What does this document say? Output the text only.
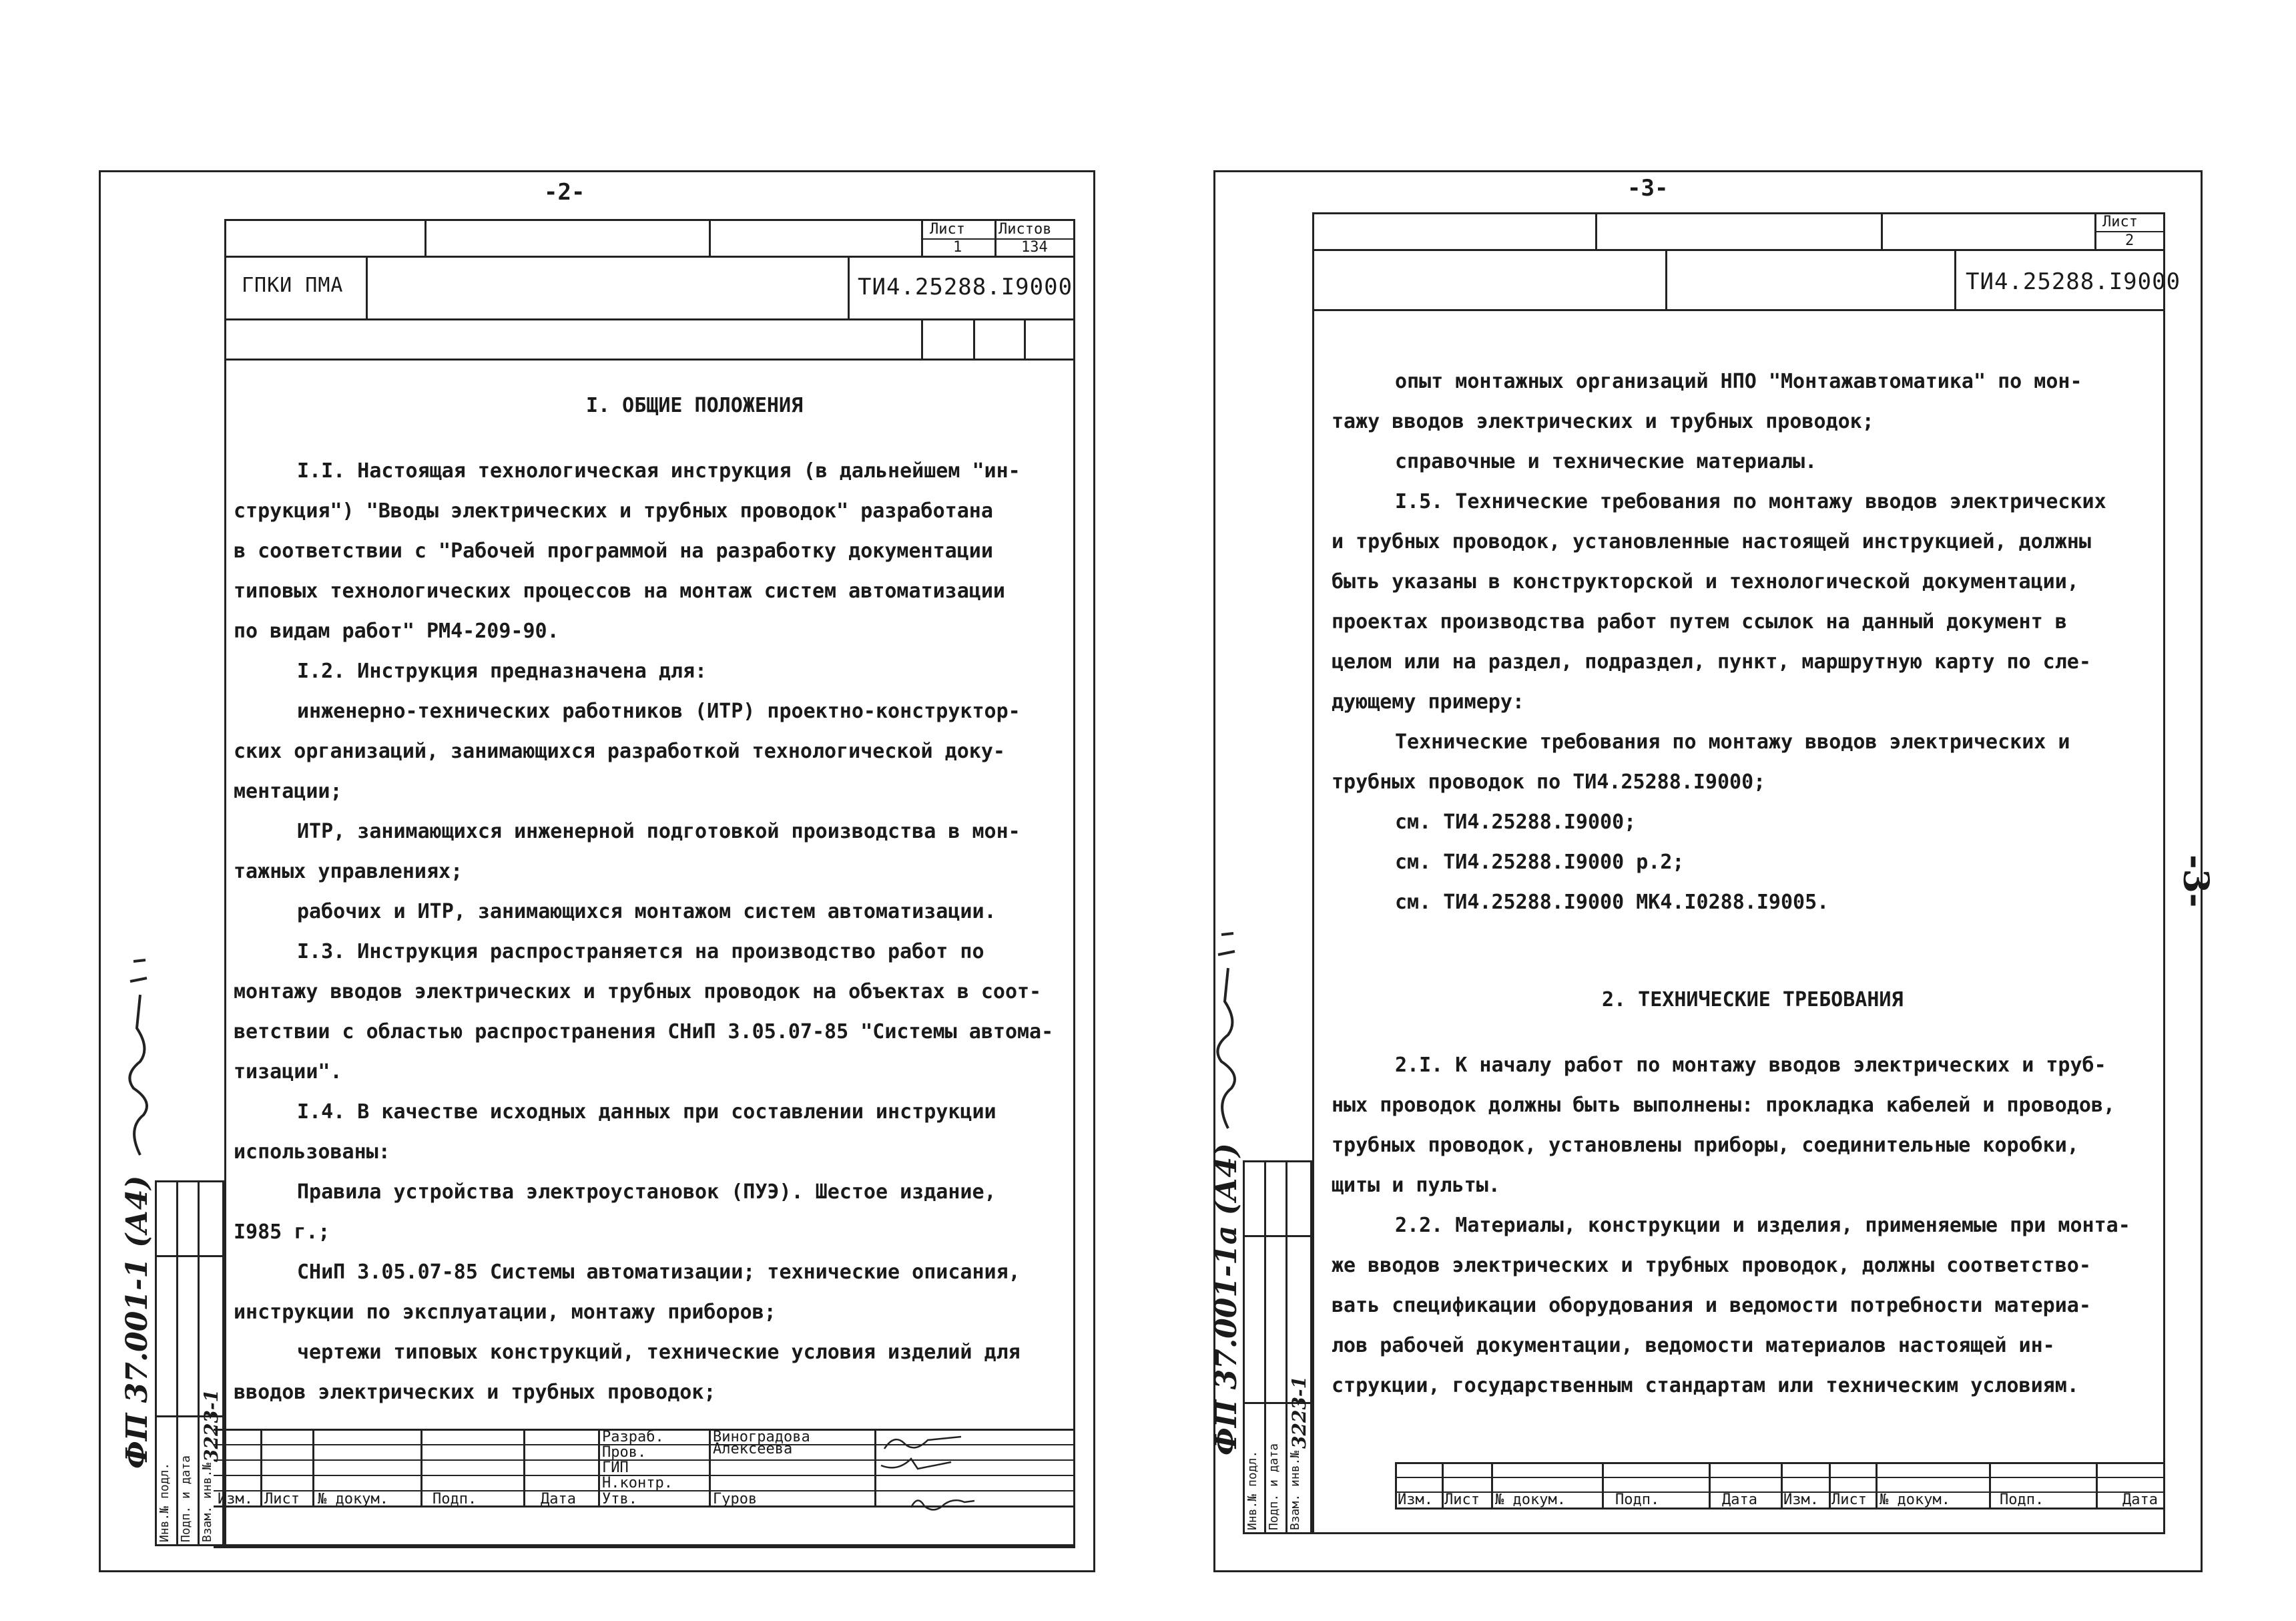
-2-
Лист Листов
1	134
ГПКИ ПМА	ТИ4.25288.I9000
I. ОБЩИЕ ПОЛОЖЕНИЯ

I.I. Настоящая технологическая инструкция (в дальнейшем "ин-

струкция") "Вводы электрических и трубных проводок" разработана

в соответствии с "Рабочей программой на разработку документации

типовых технологических процессов на монтаж систем автоматизации

по видам работ" РМ4-209-90.

I.2. Инструкция предназначена для:

инженерно-технических работников (ИТР) проектно-конструктор-

ских организаций, занимающихся разработкой технологической доку-

ментации;

ИТР, занимающихся инженерной подготовкой производства в мон-

тажных управлениях;

рабочих и ИТР, занимающихся монтажом систем автоматизации.

I.3. Инструкция распространяется на производство работ по

монтажу вводов электрических и трубных проводок на объектах в соот-

ветствии с областью распространения СНиП 3.05.07-85 "Системы автома-

тизации".

I.4. В качестве исходных данных при составлении инструкции

использованы:

Правила устройства электроустановок (ПУЭ). Шестое издание,

I985 г.;

СНиП 3.05.07-85 Системы автоматизации; технические описания,

инструкции по эксплуатации, монтажу приборов;

чертежи типовых конструкций, технические условия изделий для

вводов электрических и трубных проводок;

Изм. Лист № докум.	Подп.	Дата
Разраб.	Виноградова
Пров.	Алексеева
ГИП
Н.контр.
Утв.	Гуров
Инв.№ подл. Подп. и дата Взам. инв.№
3223-1
ФП 37.001-1 (А4)
-3-
Лист
2
ТИ4.25288.I9000

опыт монтажных организаций НПО "Монтажавтоматика" по мон-

тажу вводов электрических и трубных проводок;

справочные и технические материалы.

I.5. Технические требования по монтажу вводов электрических

и трубных проводок, установленные настоящей инструкцией, должны

быть указаны в конструкторской и технологической документации,

проектах производства работ путем ссылок на данный документ в

целом или на раздел, подраздел, пункт, маршрутную карту по сле-

дующему примеру:

Технические требования по монтажу вводов электрических и

трубных проводок по ТИ4.25288.I9000;

см. ТИ4.25288.I9000;

см. ТИ4.25288.I9000 р.2;

см. ТИ4.25288.I9000 МК4.I0288.I9005.

2. ТЕХНИЧЕСКИЕ ТРЕБОВАНИЯ

2.I. К началу работ по монтажу вводов электрических и труб-

ных проводок должны быть выполнены: прокладка кабелей и проводов,

трубных проводок, установлены приборы, соединительные коробки,

щиты и пульты.

2.2. Материалы, конструкции и изделия, применяемые при монта-

же вводов электрических и трубных проводок, должны соответство-

вать спецификации оборудования и ведомости потребности материа-

лов рабочей документации, ведомости материалов настоящей ин-

струкции, государственным стандартам или техническим условиям.

-3-
Изм. Лист № докум.	Подп.	Дата Изм. Лист № докум.	Подп.	Дата
Инв.№ подл. Подп. и дата Взам. инв.№
3223-1
ФП 37.001-1а (А4)
